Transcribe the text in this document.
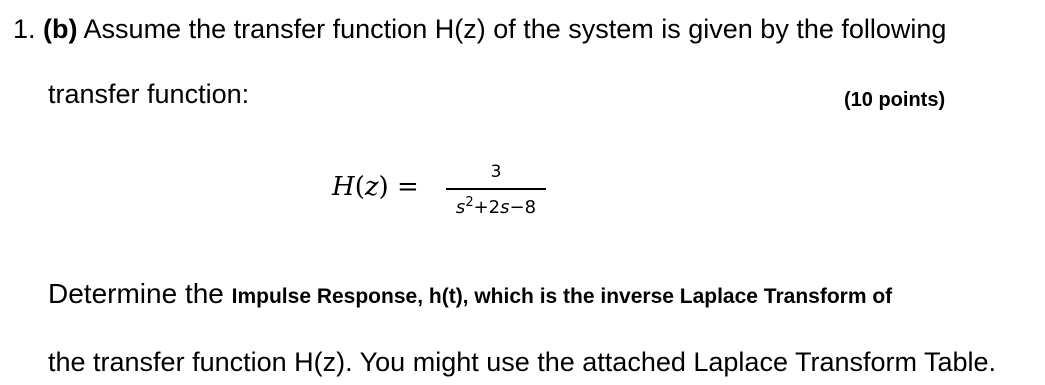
1. (b) Assume the transfer function H(z) of the system is given by the following
transfer function:	(10 points)
H(z) =	3
$s^2+2s-8$
Determine the Impulse Response, h(t), which is the inverse Laplace Transform of
the transfer function H(z). You might use the attached Laplace Transform Table.
